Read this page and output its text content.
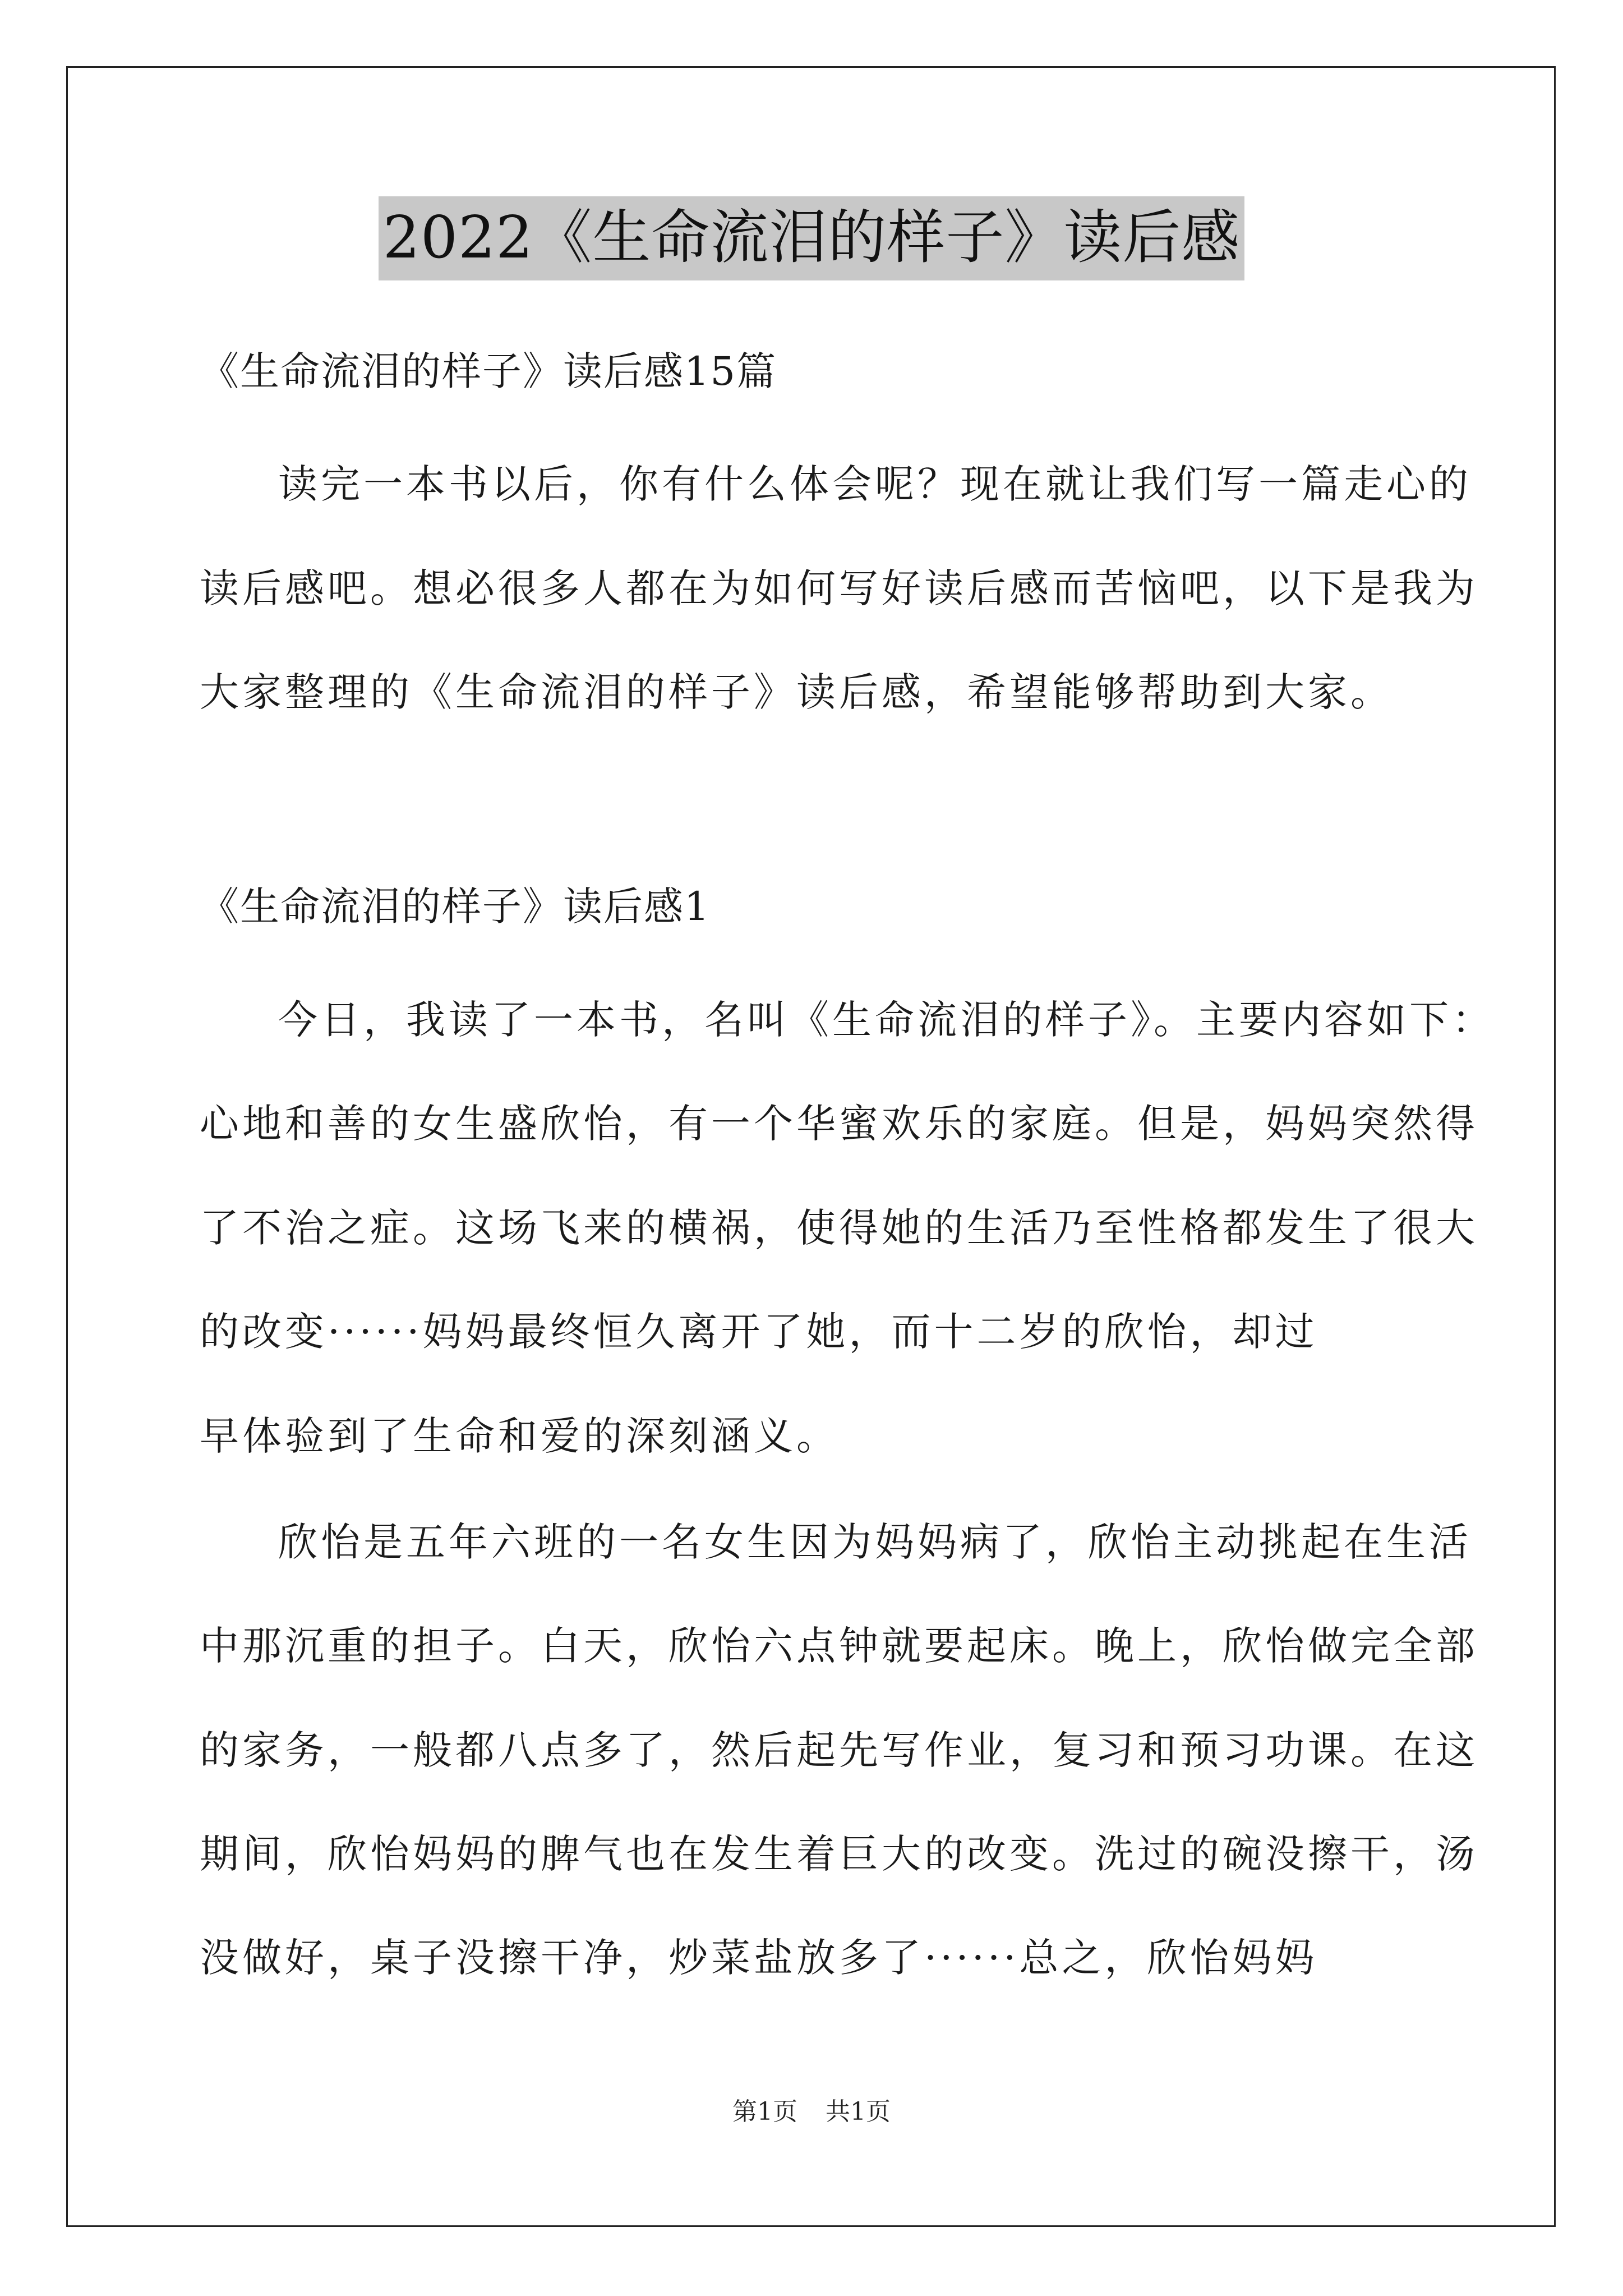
2022《生命流泪的样子》读后感
《生命流泪的样子》读后感15篇
读完一本书以后，你有什么体会呢？现在就让我们写一篇走心的
读后感吧。想必很多人都在为如何写好读后感而苦恼吧，以下是我为
大家整理的《生命流泪的样子》读后感，希望能够帮助到大家。
《生命流泪的样子》读后感1
今日，我读了一本书，名叫《生命流泪的样子》。主要内容如下：
心地和善的女生盛欣怡，有一个华蜜欢乐的家庭。但是，妈妈突然得
了不治之症。这场飞来的横祸，使得她的生活乃至性格都发生了很大
的改变······妈妈最终恒久离开了她，而十二岁的欣怡，却过
早体验到了生命和爱的深刻涵义。
欣怡是五年六班的一名女生因为妈妈病了，欣怡主动挑起在生活
中那沉重的担子。白天，欣怡六点钟就要起床。晚上，欣怡做完全部
的家务，一般都八点多了，然后起先写作业，复习和预习功课。在这
期间，欣怡妈妈的脾气也在发生着巨大的改变。洗过的碗没擦干，汤
没做好，桌子没擦干净，炒菜盐放多了······总之，欣怡妈妈
第1页 共1页
